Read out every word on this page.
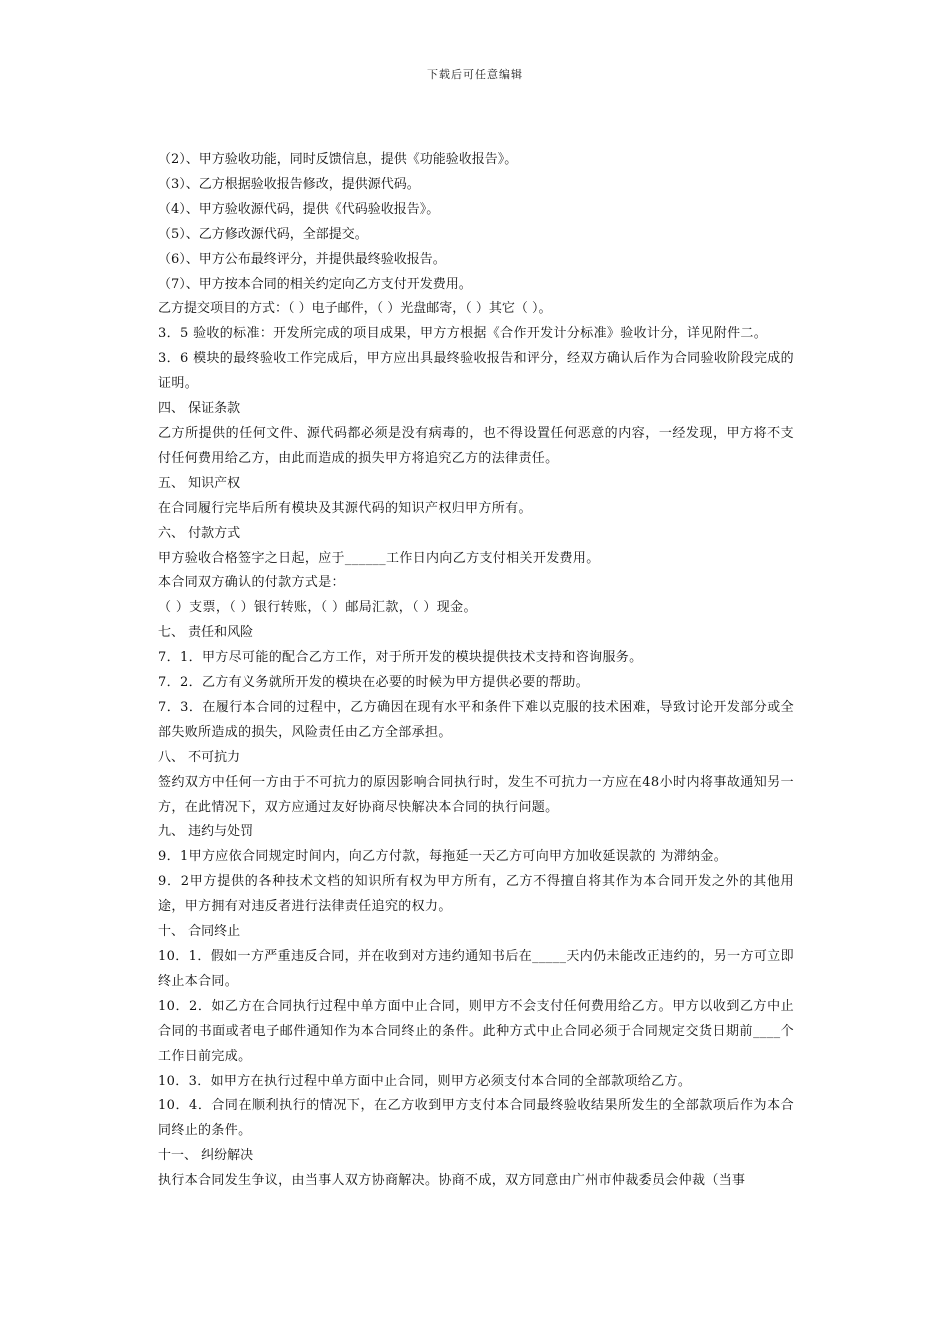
下载后可任意编辑

（2）、甲方验收功能，同时反馈信息，提供《功能验收报告》。

（3）、乙方根据验收报告修改，提供源代码。

（4）、甲方验收源代码，提供《代码验收报告》。

（5）、乙方修改源代码，全部提交。

（6）、甲方公布最终评分，并提供最终验收报告。

（7）、甲方按本合同的相关约定向乙方支付开发费用。

乙方提交项目的方式：（ ）电子邮件，（ ）光盘邮寄，（ ）其它（ ）。

3．5 验收的标准：开发所完成的项目成果，甲方方根据《合作开发计分标准》验收计分，详见附件二。

3．6 模块的最终验收工作完成后，甲方应出具最终验收报告和评分，经双方确认后作为合同验收阶段完成的证明。

四、 保证条款

乙方所提供的任何文件、源代码都必须是没有病毒的，也不得设置任何恶意的内容，一经发现，甲方将不支付任何费用给乙方，由此而造成的损失甲方将追究乙方的法律责任。

五、 知识产权

在合同履行完毕后所有模块及其源代码的知识产权归甲方所有。

六、 付款方式

甲方验收合格签字之日起，应于______工作日内向乙方支付相关开发费用。

本合同双方确认的付款方式是：

（ ）支票，（ ）银行转账，（ ）邮局汇款，（ ）现金。

七、 责任和风险

7．1．甲方尽可能的配合乙方工作，对于所开发的模块提供技术支持和咨询服务。

7．2．乙方有义务就所开发的模块在必要的时候为甲方提供必要的帮助。

7．3．在履行本合同的过程中，乙方确因在现有水平和条件下难以克服的技术困难，导致讨论开发部分或全部失败所造成的损失，风险责任由乙方全部承担。

八、 不可抗力

签约双方中任何一方由于不可抗力的原因影响合同执行时，发生不可抗力一方应在48小时内将事故通知另一方，在此情况下，双方应通过友好协商尽快解决本合同的执行问题。

九、 违约与处罚

9．1甲方应依合同规定时间内，向乙方付款，每拖延一天乙方可向甲方加收延误款的 为滞纳金。

9．2甲方提供的各种技术文档的知识所有权为甲方所有，乙方不得擅自将其作为本合同开发之外的其他用途，甲方拥有对违反者进行法律责任追究的权力。

十、 合同终止

10．1．假如一方严重违反合同，并在收到对方违约通知书后在_____天内仍未能改正违约的，另一方可立即终止本合同。

10．2．如乙方在合同执行过程中单方面中止合同，则甲方不会支付任何费用给乙方。甲方以收到乙方中止合同的书面或者电子邮件通知作为本合同终止的条件。此种方式中止合同必须于合同规定交货日期前____个工作日前完成。

10．3．如甲方在执行过程中单方面中止合同，则甲方必须支付本合同的全部款项给乙方。

10．4．合同在顺利执行的情况下，在乙方收到甲方支付本合同最终验收结果所发生的全部款项后作为本合同终止的条件。

十一、 纠纷解决

执行本合同发生争议，由当事人双方协商解决。协商不成，双方同意由广州市仲裁委员会仲裁（当事
